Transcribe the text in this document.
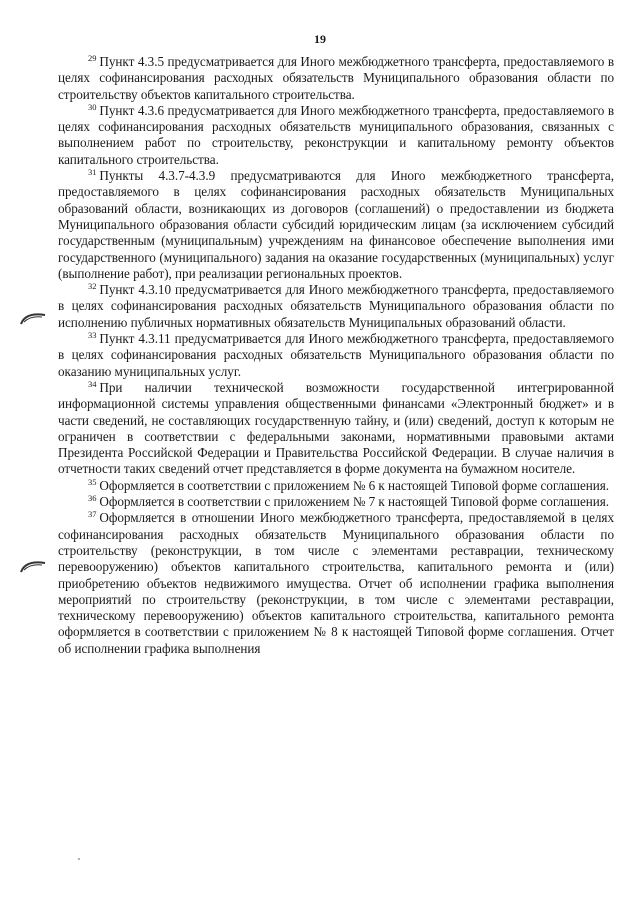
19

$^{29}$ Пункт 4.3.5 предусматривается для Иного межбюджетного трансферта, предоставляемого в целях софинансирования расходных обязательств Муниципального образования области по строительству объектов капитального строительства.

$^{30}$ Пункт 4.3.6 предусматривается для Иного межбюджетного трансферта, предоставляемого в целях софинансирования расходных обязательств муниципального образования, связанных с выполнением работ по строительству, реконструкции и капитальному ремонту объектов капитального строительства.

$^{31}$ Пункты 4.3.7-4.3.9 предусматриваются для Иного межбюджетного трансферта, предоставляемого в целях софинансирования расходных обязательств Муниципальных образований области, возникающих из договоров (соглашений) о предоставлении из бюджета Муниципального образования области субсидий юридическим лицам (за исключением субсидий государственным (муниципальным) учреждениям на финансовое обеспечение выполнения ими государственного (муниципального) задания на оказание государственных (муниципальных) услуг (выполнение работ), при реализации региональных проектов.

$^{32}$ Пункт 4.3.10 предусматривается для Иного межбюджетного трансферта, предоставляемого в целях софинансирования расходных обязательств Муниципального образования области по исполнению публичных нормативных обязательств Муниципальных образований области.

$^{33}$ Пункт 4.3.11 предусматривается для Иного межбюджетного трансферта, предоставляемого в целях софинансирования расходных обязательств Муниципального образования области по оказанию муниципальных услуг.

$^{34}$ При наличии технической возможности государственной интегрированной информационной системы управления общественными финансами «Электронный бюджет» и в части сведений, не составляющих государственную тайну, и (или) сведений, доступ к которым не ограничен в соответствии с федеральными законами, нормативными правовыми актами Президента Российской Федерации и Правительства Российской Федерации. В случае наличия в отчетности таких сведений отчет представляется в форме документа на бумажном носителе.

$^{35}$ Оформляется в соответствии с приложением № 6 к настоящей Типовой форме соглашения.

$^{36}$ Оформляется в соответствии с приложением № 7 к настоящей Типовой форме соглашения.

$^{37}$ Оформляется в отношении Иного межбюджетного трансферта, предоставляемой в целях софинансирования расходных обязательств Муниципального образования области по строительству (реконструкции, в том числе с элементами реставрации, техническому перевооружению) объектов капитального строительства, капитального ремонта и (или) приобретению объектов недвижимого имущества. Отчет об исполнении графика выполнения мероприятий по строительству (реконструкции, в том числе с элементами реставрации, техническому перевооружению) объектов капитального строительства, капитального ремонта оформляется в соответствии с приложением № 8 к настоящей Типовой форме соглашения. Отчет об исполнении графика выполнения
